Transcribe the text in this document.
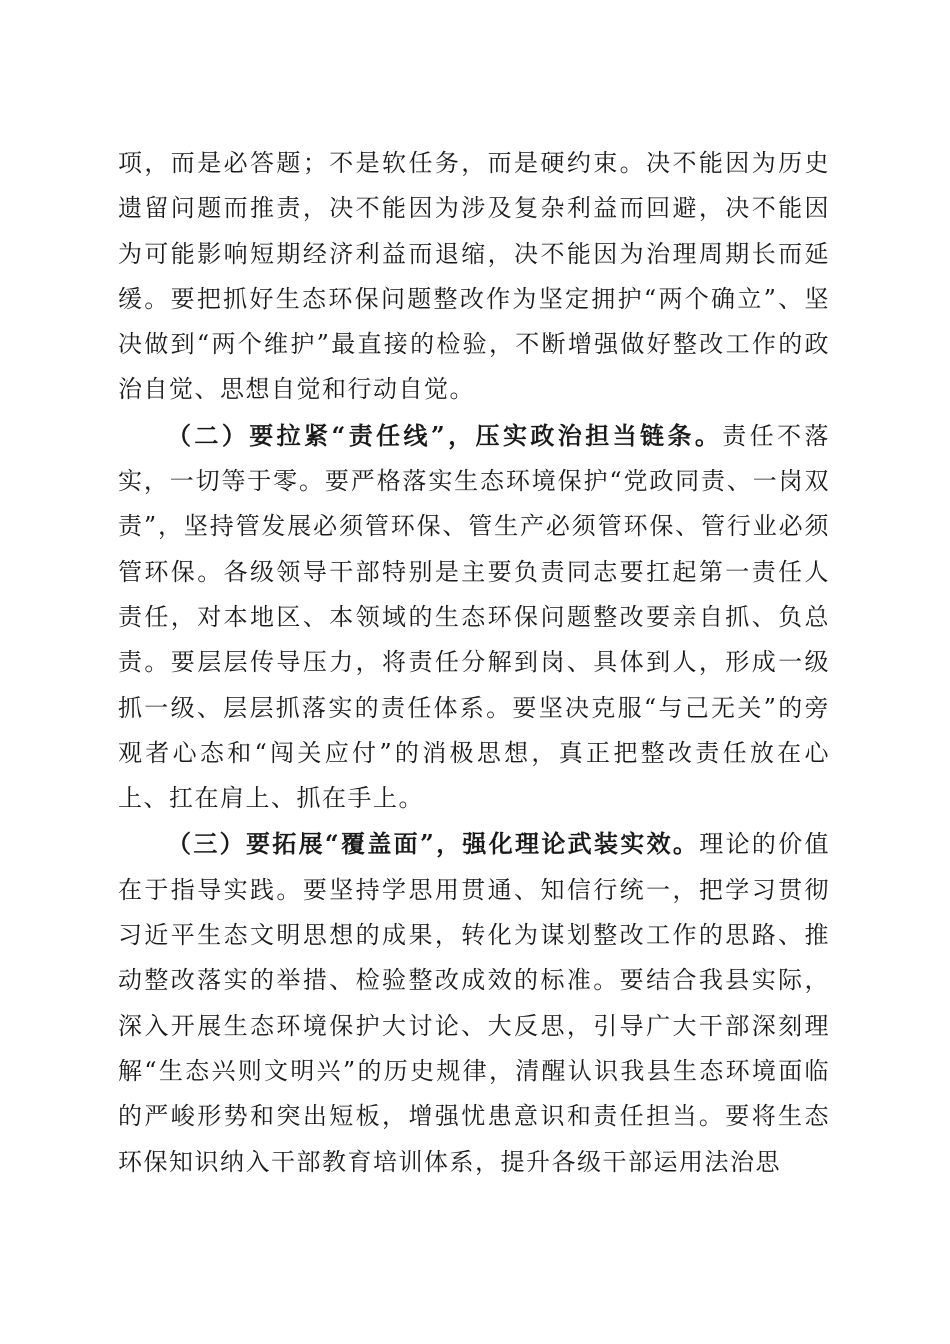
项，而是必答题；不是软任务，而是硬约束。决不能因为历史遗留问题而推责，决不能因为涉及复杂利益而回避，决不能因为可能影响短期经济利益而退缩，决不能因为治理周期长而延缓。要把抓好生态环保问题整改作为坚定拥护“两个确立”、坚决做到“两个维护”最直接的检验，不断增强做好整改工作的政治自觉、思想自觉和行动自觉。

（二）要拉紧“责任线”，压实政治担当链条。责任不落实，一切等于零。要严格落实生态环境保护“党政同责、一岗双责”，坚持管发展必须管环保、管生产必须管环保、管行业必须管环保。各级领导干部特别是主要负责同志要扛起第一责任人责任，对本地区、本领域的生态环保问题整改要亲自抓、负总责。要层层传导压力，将责任分解到岗、具体到人，形成一级抓一级、层层抓落实的责任体系。要坚决克服“与己无关”的旁观者心态和“闯关应付”的消极思想，真正把整改责任放在心上、扛在肩上、抓在手上。

（三）要拓展“覆盖面”，强化理论武装实效。理论的价值在于指导实践。要坚持学思用贯通、知信行统一，把学习贯彻习近平生态文明思想的成果，转化为谋划整改工作的思路、推动整改落实的举措、检验整改成效的标准。要结合我县实际，深入开展生态环境保护大讨论、大反思，引导广大干部深刻理解“生态兴则文明兴”的历史规律，清醒认识我县生态环境面临的严峻形势和突出短板，增强忧患意识和责任担当。要将生态环保知识纳入干部教育培训体系，提升各级干部运用法治思
